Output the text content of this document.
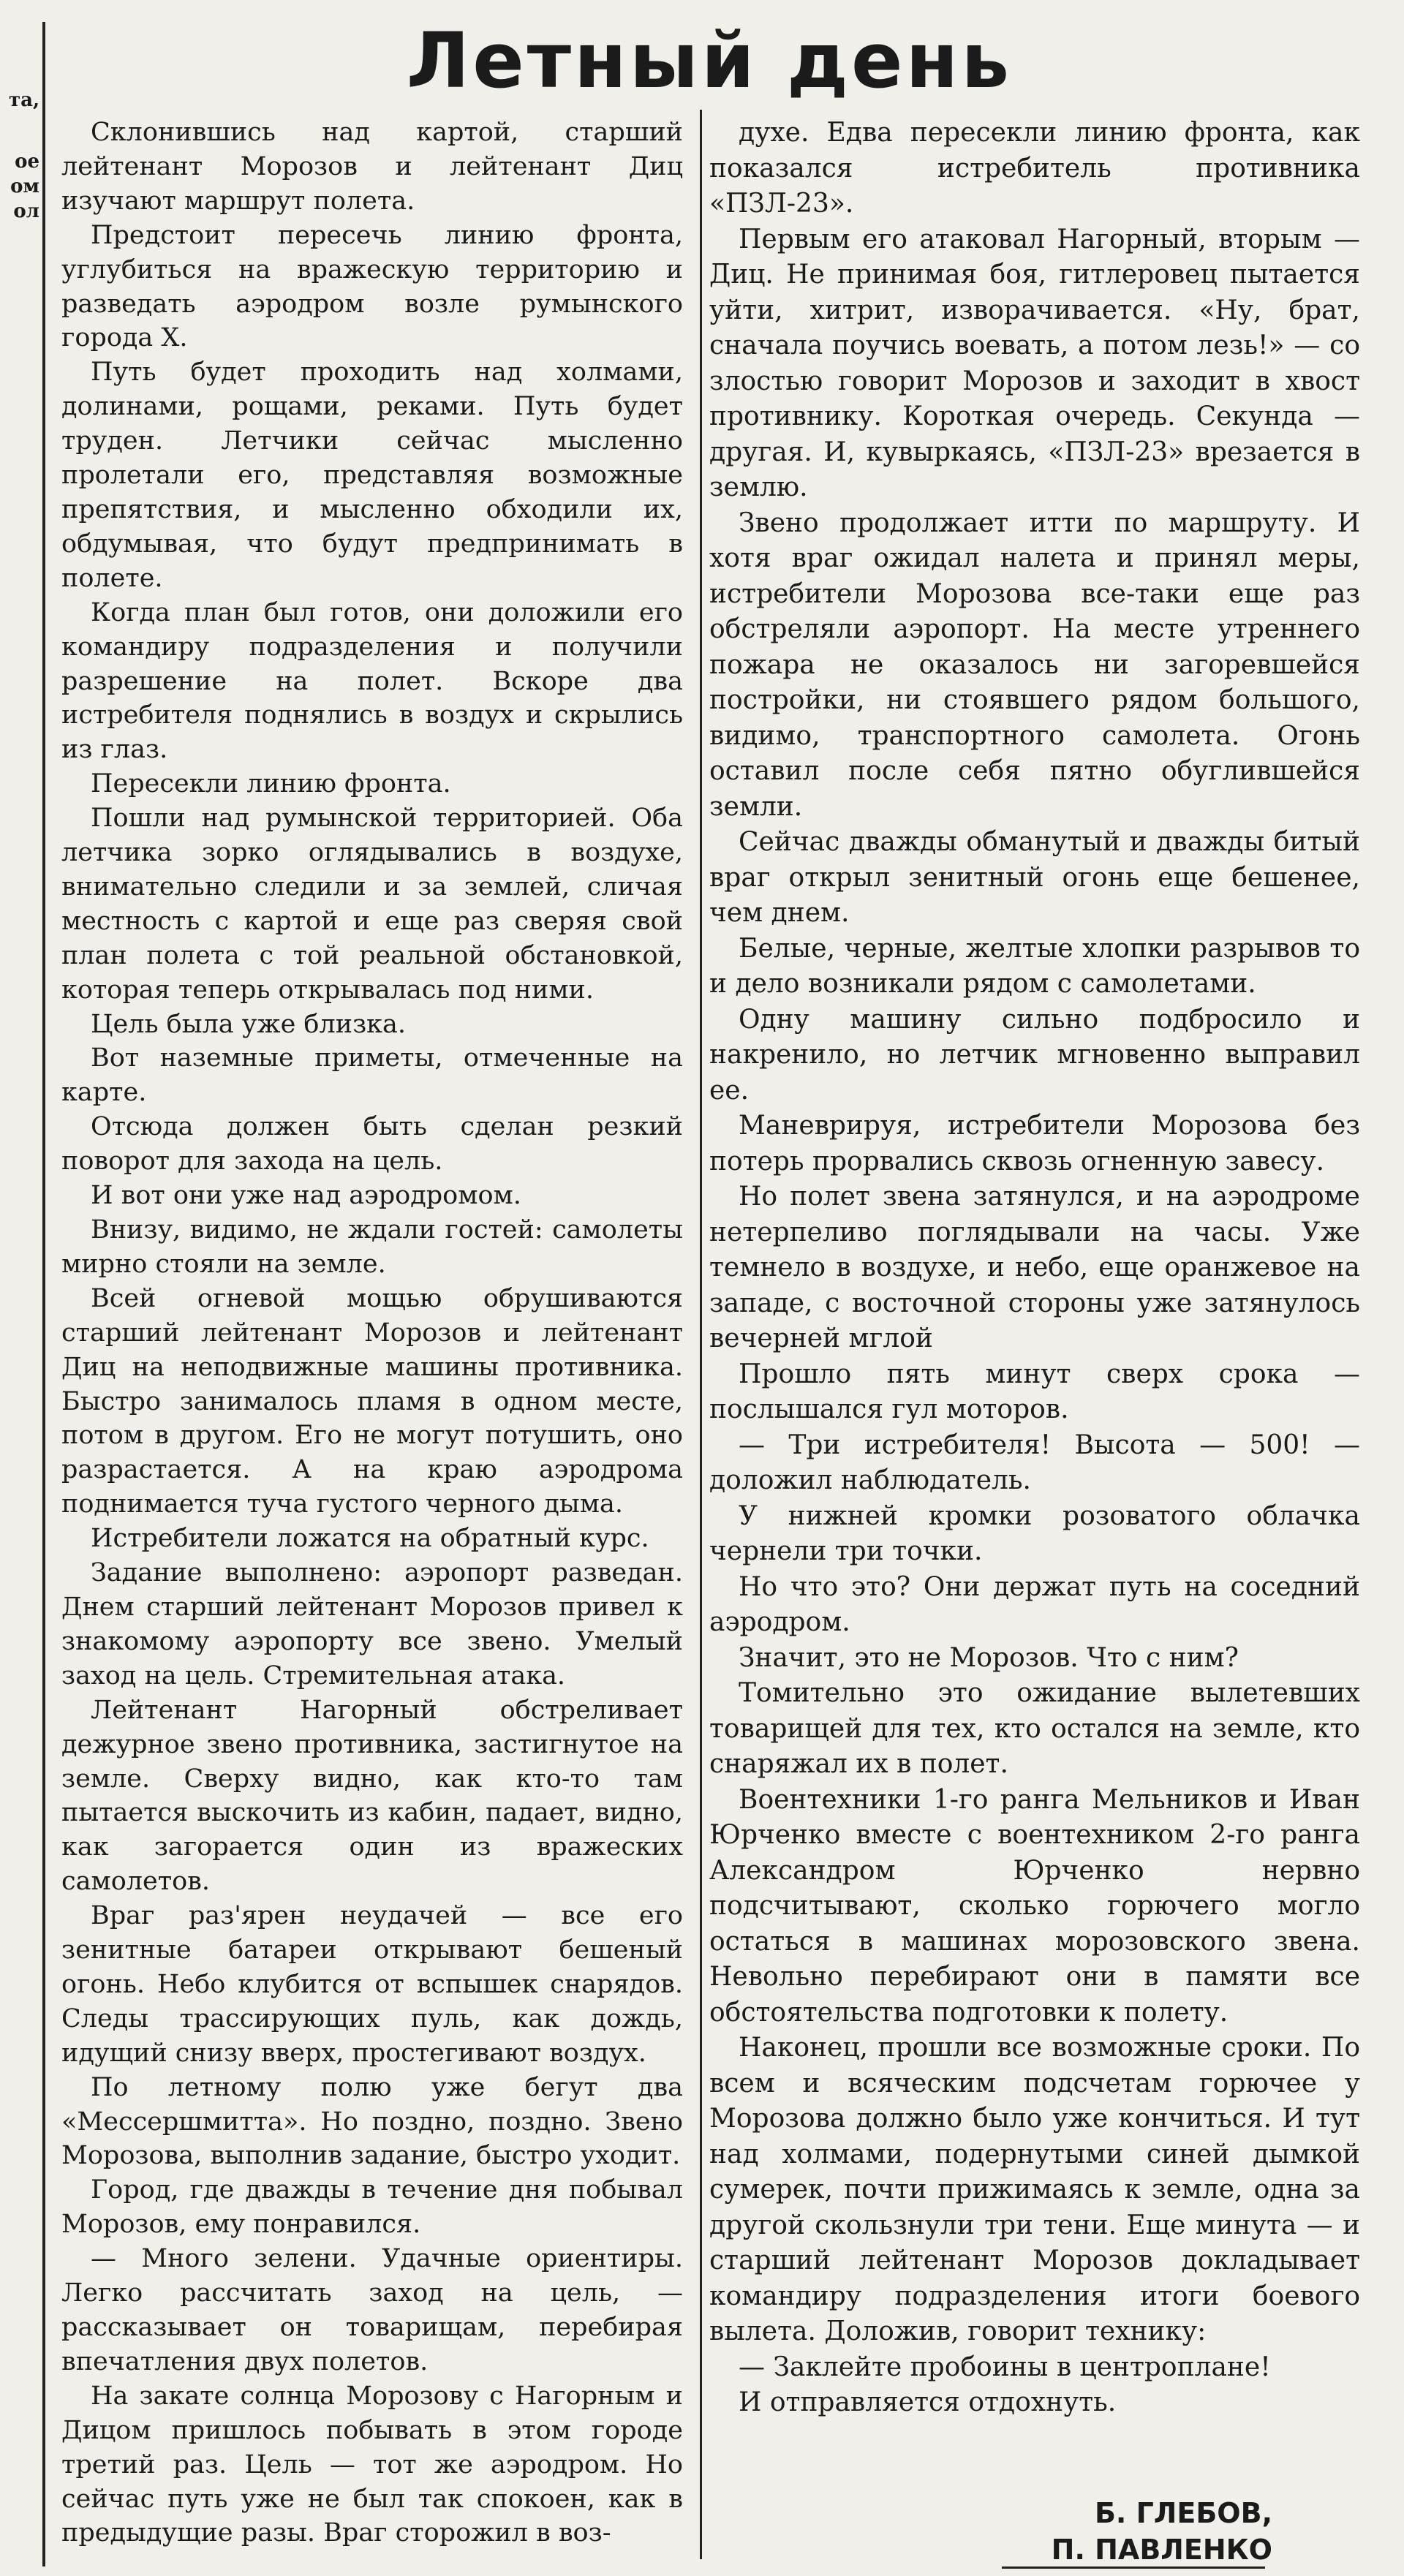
та,
ое
ом
ол
Летный день

Склонившись над картой, старший лейтенант Морозов и лейтенант Диц изучают маршрут полета.

Предстоит пересечь линию фронта, углубиться на вражескую территорию и разведать аэродром возле румынского города Х.

Путь будет проходить над холмами, долинами, рощами, реками. Путь будет труден. Летчики сейчас мысленно пролетали его, представляя возможные препятствия, и мысленно обходили их, обдумывая, что будут предпринимать в полете.

Когда план был готов, они доложили его командиру подразделения и получили разрешение на полет. Вскоре два истребителя поднялись в воздух и скрылись из глаз.

Пересекли линию фронта.

Пошли над румынской территорией. Оба летчика зорко оглядывались в воздухе, внимательно следили и за землей, сличая местность с картой и еще раз сверяя свой план полета с той реальной обстановкой, которая теперь открывалась под ними.

Цель была уже близка.

Вот наземные приметы, отмеченные на карте.

Отсюда должен быть сделан резкий поворот для захода на цель.

И вот они уже над аэродромом.

Внизу, видимо, не ждали гостей: самолеты мирно стояли на земле.

Всей огневой мощью обрушиваются старший лейтенант Морозов и лейтенант Диц на неподвижные машины противника. Быстро занималось пламя в одном месте, потом в другом. Его не могут потушить, оно разрастается. А на краю аэродрома поднимается туча густого черного дыма.

Истребители ложатся на обратный курс.

Задание выполнено: аэропорт разведан. Днем старший лейтенант Морозов привел к знакомому аэропорту все звено. Умелый заход на цель. Стремительная атака.

Лейтенант Нагорный обстреливает дежурное звено противника, застигнутое на земле. Сверху видно, как кто-то там пытается выскочить из кабин, падает, видно, как загорается один из вражеских самолетов.

Враг раз'ярен неудачей — все его зенитные батареи открывают бешеный огонь. Небо клубится от вспышек снарядов. Следы трассирующих пуль, как дождь, идущий снизу вверх, простегивают воздух.

По летному полю уже бегут два «Мессершмитта». Но поздно, поздно. Звено Морозова, выполнив задание, быстро уходит.

Город, где дважды в течение дня побывал Морозов, ему понравился.

— Много зелени. Удачные ориентиры. Легко рассчитать заход на цель, — рассказывает он товарищам, перебирая впечатления двух полетов.

На закате солнца Морозову с Нагорным и Дицом пришлось побывать в этом городе третий раз. Цель — тот же аэродром. Но сейчас путь уже не был так спокоен, как в предыдущие разы. Враг сторожил в воз-

духе. Едва пересекли линию фронта, как показался истребитель противника «ПЗЛ-23».

Первым его атаковал Нагорный, вторым — Диц. Не принимая боя, гитлеровец пытается уйти, хитрит, изворачивается. «Ну, брат, сначала поучись воевать, а потом лезь!» — со злостью говорит Морозов и заходит в хвост противнику. Короткая очередь. Секунда — другая. И, кувыркаясь, «ПЗЛ-23» врезается в землю.

Звено продолжает итти по маршруту. И хотя враг ожидал налета и принял меры, истребители Морозова все-таки еще раз обстреляли аэропорт. На месте утреннего пожара не оказалось ни загоревшейся постройки, ни стоявшего рядом большого, видимо, транспортного самолета. Огонь оставил после себя пятно обуглившейся земли.

Сейчас дважды обманутый и дважды битый враг открыл зенитный огонь еще бешенее, чем днем.

Белые, черные, желтые хлопки разрывов то и дело возникали рядом с самолетами.

Одну машину сильно подбросило и накренило, но летчик мгновенно выправил ее.

Маневрируя, истребители Морозова без потерь прорвались сквозь огненную завесу.

Но полет звена затянулся, и на аэродроме нетерпеливо поглядывали на часы. Уже темнело в воздухе, и небо, еще оранжевое на западе, с восточной стороны уже затянулось вечерней мглой

Прошло пять минут сверх срока — послышался гул моторов.

— Три истребителя! Высота — 500! — доложил наблюдатель.

У нижней кромки розоватого облачка чернели три точки.

Но что это? Они держат путь на соседний аэродром.

Значит, это не Морозов. Что с ним?

Томительно это ожидание вылетевших товарищей для тех, кто остался на земле, кто снаряжал их в полет.

Воентехники 1-го ранга Мельников и Иван Юрченко вместе с воентехником 2-го ранга Александром Юрченко нервно подсчитывают, сколько горючего могло остаться в машинах морозовского звена. Невольно перебирают они в памяти все обстоятельства подготовки к полету.

Наконец, прошли все возможные сроки. По всем и всяческим подсчетам горючее у Морозова должно было уже кончиться. И тут над холмами, подернутыми синей дымкой сумерек, почти прижимаясь к земле, одна за другой скользнули три тени. Еще минута — и старший лейтенант Морозов докладывает командиру подразделения итоги боевого вылета. Доложив, говорит технику:

— Заклейте пробоины в центроплане!

И отправляется отдохнуть.

Б. ГЛЕБОВ,
П. ПАВЛЕНКО
